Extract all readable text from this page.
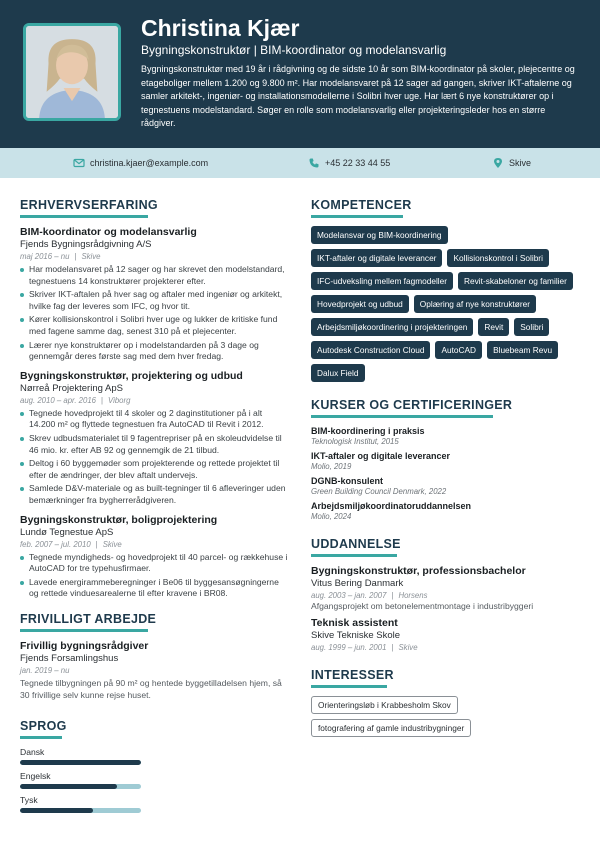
Christina Kjær
Bygningskonstruktør | BIM-koordinator og modelansvarlig
Bygningskonstruktør med 19 år i rådgivning og de sidste 10 år som BIM-koordinator på skoler, plejecentre og etageboliger mellem 1.200 og 9.800 m². Har modelansvaret på 12 sager ad gangen, skriver IKT-aftalerne og samler arkitekt-, ingeniør- og installationsmodellerne i Solibri hver uge. Har lært 6 nye konstruktører op i tegnestuens modelstandard. Søger en rolle som modelansvarlig eller projekteringsleder hos en større rådgiver.
christina.kjaer@example.com	+45 22 33 44 55	Skive
ERHVERVSERFARING
BIM-koordinator og modelansvarlig
Fjends Bygningsrådgivning A/S
maj 2016 – nu | Skive
Har modelansvaret på 12 sager og har skrevet den modelstandard, tegnestuens 14 konstruktører projekterer efter.
Skriver IKT-aftalen på hver sag og aftaler med ingeniør og arkitekt, hvilke fag der leveres som IFC, og hvor tit.
Kører kollisionskontrol i Solibri hver uge og lukker de kritiske fund med fagene samme dag, senest 310 på et plejecenter.
Lærer nye konstruktører op i modelstandarden på 3 dage og gennemgår deres første sag med dem hver fredag.
Bygningskonstruktør, projektering og udbud
Nørreå Projektering ApS
aug. 2010 – apr. 2016 | Viborg
Tegnede hovedprojekt til 4 skoler og 2 daginstitutioner på i alt 14.200 m² og flyttede tegnestuen fra AutoCAD til Revit i 2012.
Skrev udbudsmaterialet til 9 fagentrepriser på en skoleudvidelse til 46 mio. kr. efter AB 92 og gennemgik de 21 tilbud.
Deltog i 60 byggemøder som projekterende og rettede projektet til efter de ændringer, der blev aftalt undervejs.
Samlede D&V-materiale og as built-tegninger til 6 afleveringer uden bemærkninger fra bygherrerådgiveren.
Bygningskonstruktør, boligprojektering
Lundø Tegnestue ApS
feb. 2007 – jul. 2010 | Skive
Tegnede myndigheds- og hovedprojekt til 40 parcel- og rækkehuse i AutoCAD for tre typehusfirmaer.
Lavede energirammeberegninger i Be06 til byggesansøgningerne og rettede vinduesarealerne til efter kravene i BR08.
FRIVILLIGT ARBEJDE
Frivillig bygningsrådgiver
Fjends Forsamlingshus
jan. 2019 – nu
Tegnede tilbygningen på 90 m² og hentede byggetilladelsen hjem, så 30 frivillige selv kunne rejse huset.
SPROG
Dansk
Engelsk
Tysk
KOMPETENCER
Modelansvar og BIM-koordinering
IKT-aftaler og digitale leverancer	Kollisionskontrol i Solibri
IFC-udveksling mellem fagmodeller	Revit-skabeloner og familier
Hovedprojekt og udbud	Oplæring af nye konstruktører
Arbejdsmiljøkoordinering i projekteringen	Revit	Solibri
Autodesk Construction Cloud	AutoCAD	Bluebeam Revu
Dalux Field
KURSER OG CERTIFICERINGER
BIM-koordinering i praksis
Teknologisk Institut, 2015
IKT-aftaler og digitale leverancer
Molio, 2019
DGNB-konsulent
Green Building Council Denmark, 2022
Arbejdsmiljøkoordinatoruddannelsen
Molio, 2024
UDDANNELSE
Bygningskonstruktør, professionsbachelor
Vitus Bering Danmark
aug. 2003 – jan. 2007 | Horsens
Afgangsprojekt om betonelementmontage i industribyggeri
Teknisk assistent
Skive Tekniske Skole
aug. 1999 – jun. 2001 | Skive
INTERESSER
Orienteringsløb i Krabbesholm Skov
fotografering af gamle industribygninger
